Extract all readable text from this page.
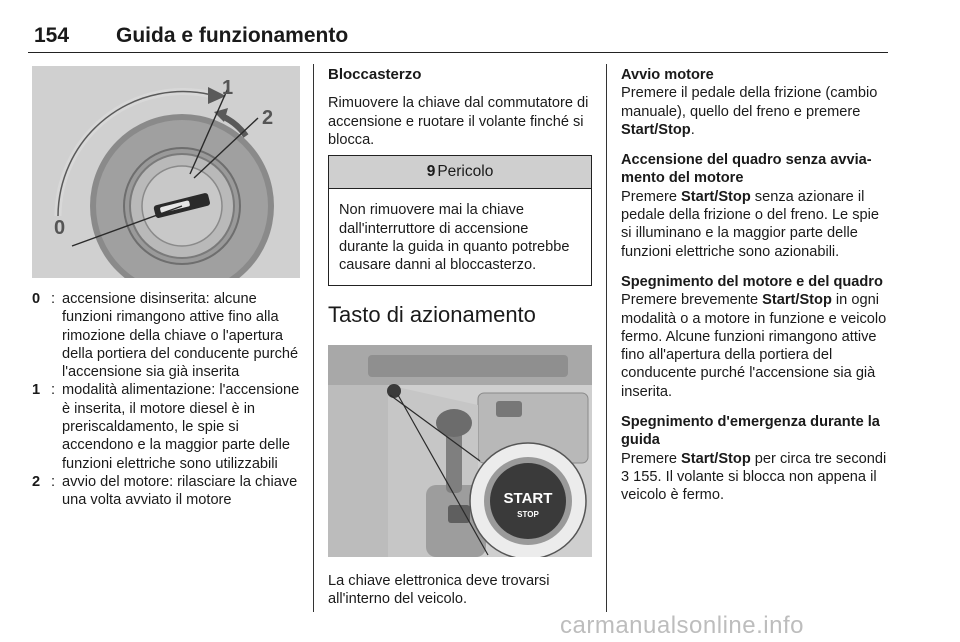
154 Guida e funzionamento
0
1
2
0 : accensione disinserita: alcune funzioni rimangono attive fino alla rimozione della chiave o l'apertura della portiera del conducente purché l'accensione sia già inserita
1 : modalità alimentazione: l'accensione è inserita, il motore diesel è in preriscaldamento, le spie si accendono e la maggior parte delle funzioni elettriche sono utilizzabili
2 : avvio del motore: rilasciare la chiave una volta avviato il motore
Bloccasterzo
Rimuovere la chiave dal commutatore di accensione e ruotare il volante finché si blocca.
9 Pericolo
Non rimuovere mai la chiave dall'interruttore di accensione durante la guida in quanto potrebbe causare danni al bloccasterzo.
Tasto di azionamento
START
STOP
La chiave elettronica deve trovarsi all'interno del veicolo.
Avvio motore
Premere il pedale della frizione (cambio manuale), quello del freno e premere Start/Stop.
Accensione del quadro senza avviamento del motore
Premere Start/Stop senza azionare il pedale della frizione o del freno. Le spie si illuminano e la maggior parte delle funzioni elettriche sono azionabili.
Spegnimento del motore e del quadro
Premere brevemente Start/Stop in ogni modalità o a motore in funzione e veicolo fermo. Alcune funzioni rimangono attive fino all'apertura della portiera del conducente purché l'accensione sia già inserita.
Spegnimento d'emergenza durante la guida
Premere Start/Stop per circa tre secondi 3 155. Il volante si blocca non appena il veicolo è fermo.
carmanualsonline.info
